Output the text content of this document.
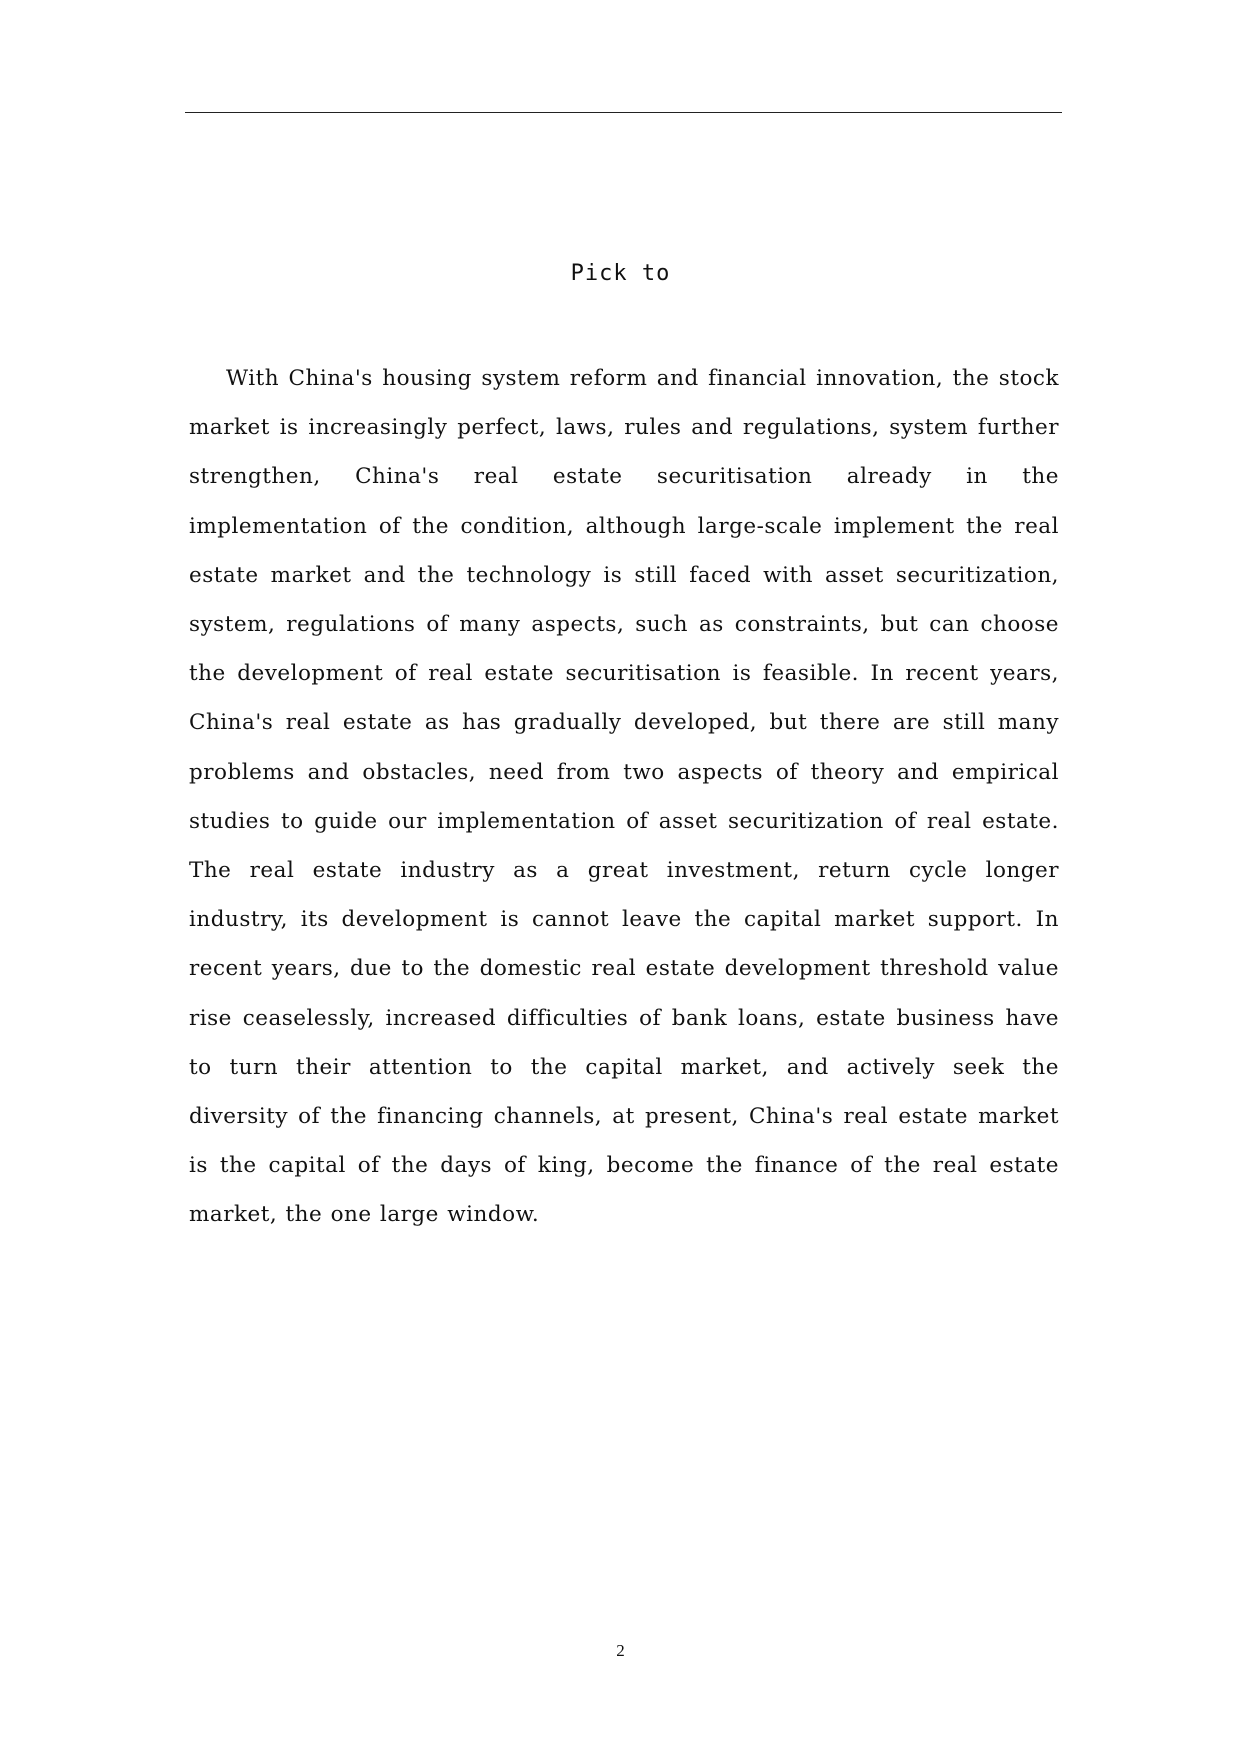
Pick to

With China's housing system reform and financial innovation, the stock market is increasingly perfect, laws, rules and regulations, system further strengthen, China's real estate securitisation already in the implementation of the condition, although large-scale implement the real estate market and the technology is still faced with asset securitization, system, regulations of many aspects, such as constraints, but can choose the development of real estate securitisation is feasible. In recent years, China's real estate as has gradually developed, but there are still many problems and obstacles, need from two aspects of theory and empirical studies to guide our implementation of asset securitization of real estate. The real estate industry as a great investment, return cycle longer industry, its development is cannot leave the capital market support. In recent years, due to the domestic real estate development threshold value rise ceaselessly, increased difficulties of bank loans, estate business have to turn their attention to the capital market, and actively seek the diversity of the financing channels, at present, China's real estate market is the capital of the days of king, become the finance of the real estate market, the one large window.

2
